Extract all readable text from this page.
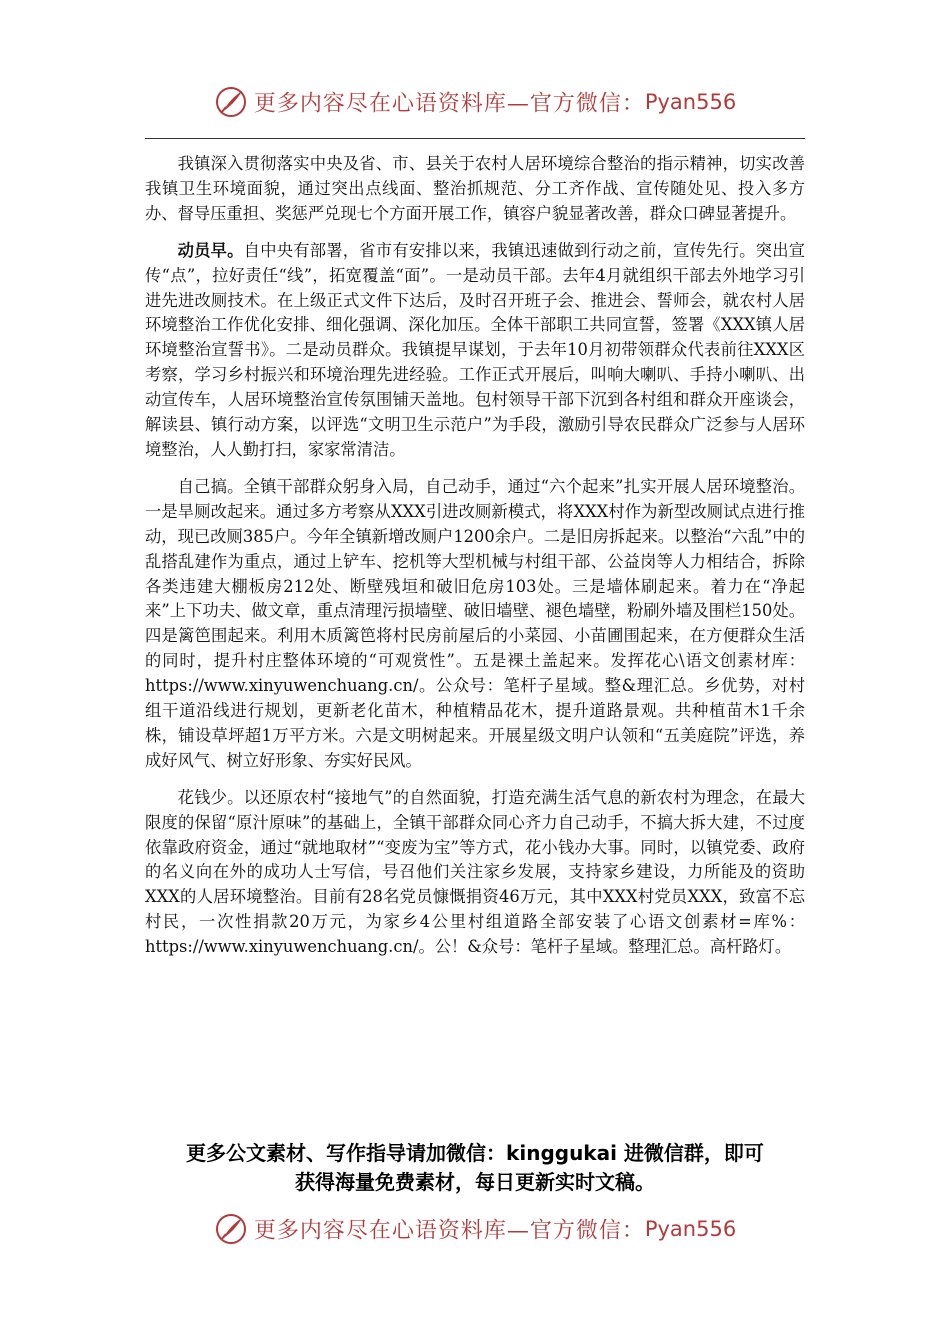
更多内容尽在心语资料库—官方微信：Pyan556

我镇深入贯彻落实中央及省、市、县关于农村人居环境综合整治的指示精神，切实改善我镇卫生环境面貌，通过突出点线面、整治抓规范、分工齐作战、宣传随处见、投入多方办、督导压重担、奖惩严兑现七个方面开展工作，镇容户貌显著改善，群众口碑显著提升。

动员早。自中央有部署，省市有安排以来，我镇迅速做到行动之前，宣传先行。突出宣传“点”，拉好责任“线”，拓宽覆盖“面”。一是动员干部。去年4月就组织干部去外地学习引进先进改厕技术。在上级正式文件下达后，及时召开班子会、推进会、誓师会，就农村人居环境整治工作优化安排、细化强调、深化加压。全体干部职工共同宣誓，签署《XXX镇人居环境整治宣誓书》。二是动员群众。我镇提早谋划，于去年10月初带领群众代表前往XXX区考察，学习乡村振兴和环境治理先进经验。工作正式开展后，叫响大喇叭、手持小喇叭、出动宣传车，人居环境整治宣传氛围铺天盖地。包村领导干部下沉到各村组和群众开座谈会，解读县、镇行动方案，以评选“文明卫生示范户”为手段，激励引导农民群众广泛参与人居环境整治，人人勤打扫，家家常清洁。

自己搞。全镇干部群众躬身入局，自己动手，通过“六个起来”扎实开展人居环境整治。一是旱厕改起来。通过多方考察从XXX引进改厕新模式，将XXX村作为新型改厕试点进行推动，现已改厕385户。今年全镇新增改厕户1200余户。二是旧房拆起来。以整治“六乱”中的乱搭乱建作为重点，通过上铲车、挖机等大型机械与村组干部、公益岗等人力相结合，拆除各类违建大棚板房212处、断壁残垣和破旧危房103处。三是墙体刷起来。着力在“净起来”上下功夫、做文章，重点清理污损墙壁、破旧墙壁、褪色墙壁，粉刷外墙及围栏150处。四是篱笆围起来。利用木质篱笆将村民房前屋后的小菜园、小苗圃围起来，在方便群众生活的同时，提升村庄整体环境的“可观赏性”。五是裸土盖起来。发挥花心\语文创素材库：https://www.xinyuwenchuang.cn/。公众号：笔杆子星域。整&理汇总。乡优势，对村组干道沿线进行规划，更新老化苗木，种植精品花木，提升道路景观。共种植苗木1千余株，铺设草坪超1万平方米。六是文明树起来。开展星级文明户认领和“五美庭院”评选，养成好风气、树立好形象、夯实好民风。

花钱少。以还原农村“接地气”的自然面貌，打造充满生活气息的新农村为理念，在最大限度的保留“原汁原味”的基础上，全镇干部群众同心齐力自己动手，不搞大拆大建，不过度依靠政府资金，通过“就地取材”“变废为宝”等方式，花小钱办大事。同时，以镇党委、政府的名义向在外的成功人士写信，号召他们关注家乡发展，支持家乡建设，力所能及的资助XXX的人居环境整治。目前有28名党员慷慨捐资46万元，其中XXX村党员XXX，致富不忘村民，一次性捐款20万元，为家乡4公里村组道路全部安装了心语文创素材=库%：https://www.xinyuwenchuang.cn/。公！&众号：笔杆子星域。整理汇总。高杆路灯。

更多公文素材、写作指导请加微信：kinggukai 进微信群，即可
获得海量免费素材，每日更新实时文稿。
更多内容尽在心语资料库—官方微信：Pyan556
